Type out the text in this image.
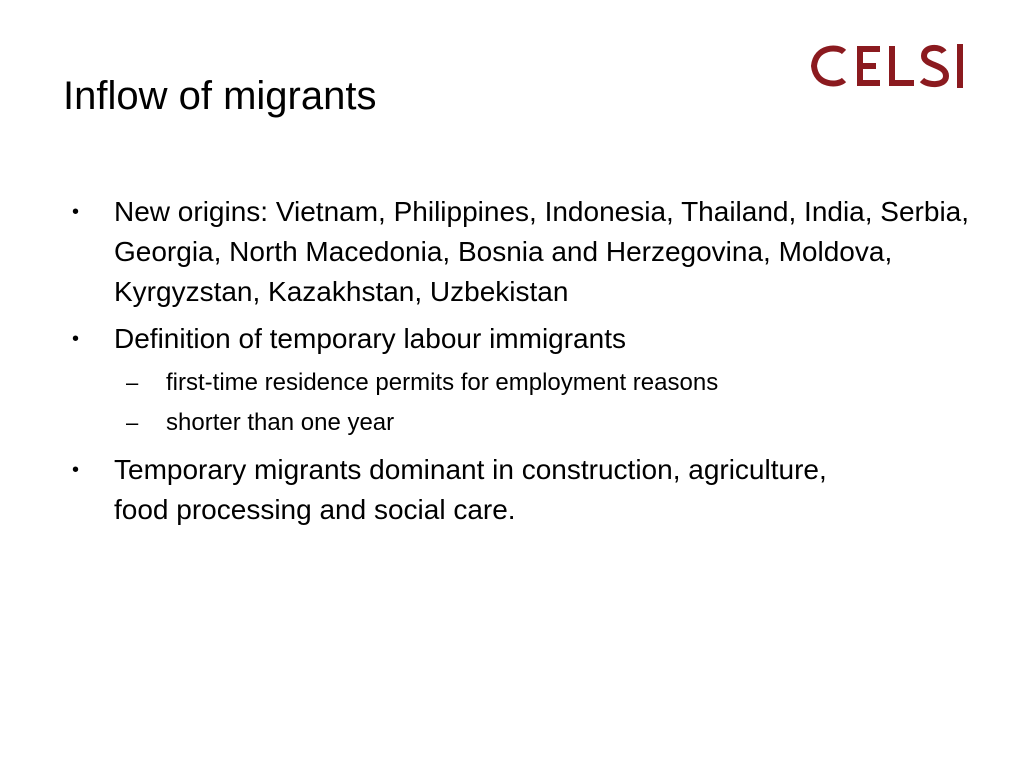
Inflow of migrants
• New origins: Vietnam, Philippines, Indonesia, Thailand, India, Serbia, Georgia, North Macedonia, Bosnia and Herzegovina, Moldova, Kyrgyzstan, Kazakhstan, Uzbekistan
• Definition of temporary labour immigrants
– first-time residence permits for employment reasons
– shorter than one year
• Temporary migrants dominant in construction, agriculture,
food processing and social care.
